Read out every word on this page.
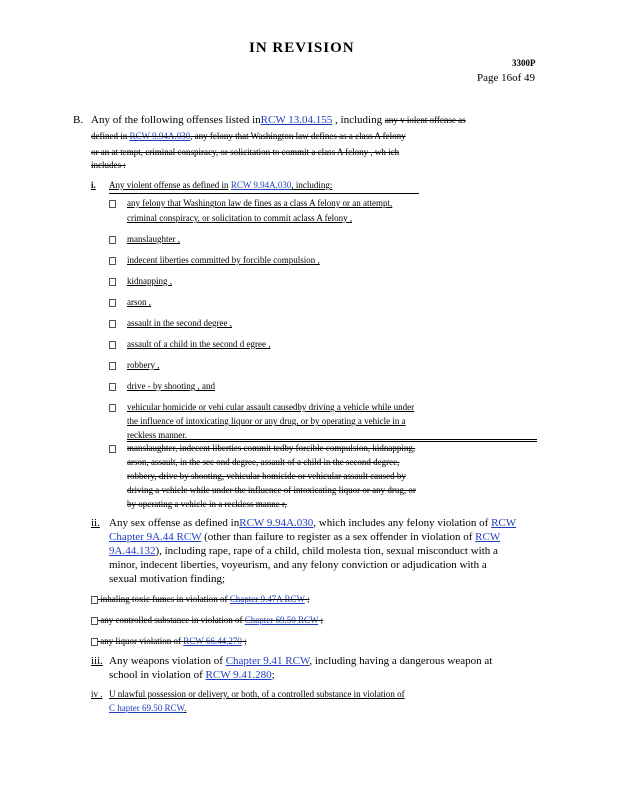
IN REVISION
3300P
Page 16of 49
B. Any of the following offenses listed inRCW 13.04.155 , including any v iolent offense as
defined in RCW 9.94A.030, any felony that Washington law defines as a class A felony
or an at tempt, criminal conspiracy, or solicitation to commit a class A felony , wh ich
includes :
i. Any violent offense as defined in RCW 9.94A.030, including:
any felony that Washington law de fines as a class A felony or an attempt,
criminal conspiracy, or solicitation to commit aclass A felony ,
manslaughter ,
indecent liberties committed by forcible compulsion ,
kidnapping ,
arson ,
assault in the second degree ,
assault of a child in the second d egree ,
robbery ,
drive - by shooting , and
vehicular homicide or vehi cular assault causedby driving a vehicle while under
the influence of intoxicating liquor or any drug, or by operating a vehicle in a
reckless manner.
manslaughter, indecent liberties commit tedby forcible compulsion, kidnapping,
arson, assault, in the sec ond degree, assault of a child in the second degree,
robbery, drive by shooting, vehicular homicide or vehicular assault caused by
driving a vehicle while under the influence of intoxicating liquor or any drug, or
by operating a vehicle in a reckless manne r,
ii. Any sex offense as defined inRCW 9.94A.030, which includes any felony violation of RCW
Chapter 9A.44 RCW (other than failure to register as a sex offender in violation of RCW
9A.44.132), including rape, rape of a child, child molesta tion, sexual misconduct with a
minor, indecent liberties, voyeurism, and any felony conviction or adjudication with a
sexual motivation finding;
inhaling toxic fumes in violation of Chapter 9.47A RCW ;
any controlled substance in violation of Chapter 69.50 RCW ;
any liquor violation of RCW 66.44.270 ;
iii. Any weapons violation of Chapter 9.41 RCW, including having a dangerous weapon at
school in violation of RCW 9.41.280;
iv . U nlawful possession or delivery, or both, of a controlled substance in violation of
C hapter 69.50 RCW.
